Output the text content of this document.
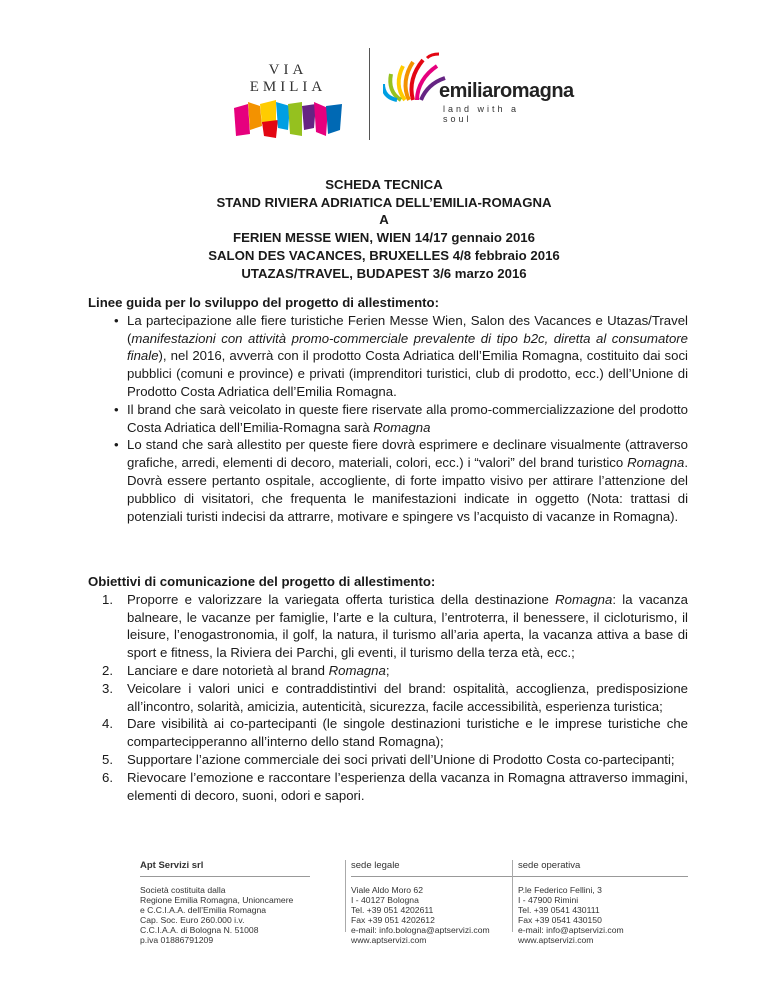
VIA EMILIA	emiliaromagna
land with a soul
SCHEDA TECNICA
STAND RIVIERA ADRIATICA DELL’EMILIA-ROMAGNA
A
FERIEN MESSE WIEN, WIEN 14/17 gennaio 2016
SALON DES VACANCES, BRUXELLES 4/8 febbraio 2016
UTAZAS/TRAVEL, BUDAPEST 3/6 marzo 2016
Linee guida per lo sviluppo del progetto di allestimento:
• La partecipazione alle fiere turistiche Ferien Messe Wien, Salon des Vacances e Utazas/Travel (manifestazioni con attività promo-commerciale prevalente di tipo b2c, diretta al consumatore finale), nel 2016, avverrà con il prodotto Costa Adriatica dell’Emilia Romagna, costituito dai soci pubblici (comuni e province) e privati (imprenditori turistici, club di prodotto, ecc.) dell’Unione di Prodotto Costa Adriatica dell’Emilia Romagna.
• Il brand che sarà veicolato in queste fiere riservate alla promo-commercializzazione del prodotto Costa Adriatica dell’Emilia-Romagna sarà Romagna
• Lo stand che sarà allestito per queste fiere dovrà esprimere e declinare visualmente (attraverso grafiche, arredi, elementi di decoro, materiali, colori, ecc.) i “valori” del brand turistico Romagna. Dovrà essere pertanto ospitale, accogliente, di forte impatto visivo per attirare l’attenzione del pubblico di visitatori, che frequenta le manifestazioni indicate in oggetto (Nota: trattasi di potenziali turisti indecisi da attrarre, motivare e spingere vs l’acquisto di vacanze in Romagna).
Obiettivi di comunicazione del progetto di allestimento:
1. Proporre e valorizzare la variegata offerta turistica della destinazione Romagna: la vacanza balneare, le vacanze per famiglie, l’arte e la cultura, l’entroterra, il benessere, il cicloturismo, il leisure, l’enogastronomia, il golf, la natura, il turismo all’aria aperta, la vacanza attiva a base di sport e fitness, la Riviera dei Parchi, gli eventi, il turismo della terza età, ecc.;
2. Lanciare e dare notorietà al brand Romagna;
3. Veicolare i valori unici e contraddistintivi del brand: ospitalità, accoglienza, predisposizione all’incontro, solarità, amicizia, autenticità, sicurezza, facile accessibilità, esperienza turistica;
4. Dare visibilità ai co-partecipanti (le singole destinazioni turistiche e le imprese turistiche che compartecipperanno all’interno dello stand Romagna);
5. Supportare l’azione commerciale dei soci privati dell’Unione di Prodotto Costa co-partecipanti;
6. Rievocare l’emozione e raccontare l’esperienza della vacanza in Romagna attraverso immagini, elementi di decoro, suoni, odori e sapori.
Apt Servizi srl
Società costituita dalla
Regione Emilia Romagna, Unioncamere
e C.C.I.A.A. dell’Emilia Romagna
Cap. Soc. Euro 260.000 i.v.
C.C.I.A.A. di Bologna N. 51008
p.iva 01886791209
sede legale
Viale Aldo Moro 62
I - 40127 Bologna
Tel. +39 051 4202611
Fax +39 051 4202612
e-mail: info.bologna@aptservizi.com
www.aptservizi.com
sede operativa
P.le Federico Fellini, 3
I - 47900 Rimini
Tel. +39 0541 430111
Fax +39 0541 430150
e-mail: info@aptservizi.com
www.aptservizi.com
